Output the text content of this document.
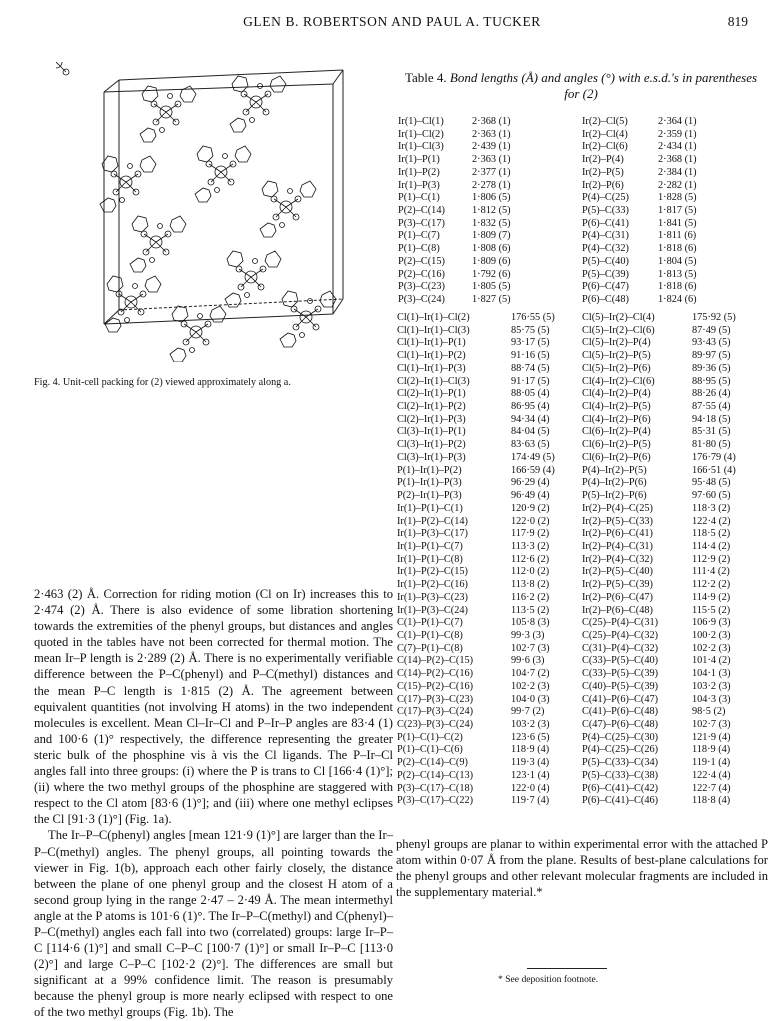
GLEN B. ROBERTSON AND PAUL A. TUCKER	819
Fig. 4. Unit-cell packing for (2) viewed approximately along a.

2·463 (2) Å. Correction for riding motion (Cl on Ir) increases this to 2·474 (2) Å. There is also evidence of some libration shortening towards the extremities of the phenyl groups, but distances and angles quoted in the tables have not been corrected for thermal motion. The mean Ir–P length is 2·289 (2) Å. There is no experimentally verifiable difference between the P–C(phenyl) and P–C(methyl) distances and the mean P–C length is 1·815 (2) Å. The agreement between equivalent quantities (not involving H atoms) in the two independent molecules is excellent. Mean Cl–Ir–Cl and P–Ir–P angles are 83·4 (1) and 100·6 (1)° respectively, the difference representing the greater steric bulk of the phosphine vis à vis the Cl ligands. The P–Ir–Cl angles fall into three groups: (i) where the P is trans to Cl [166·4 (1)°]; (ii) where the two methyl groups of the phosphine are staggered with respect to the Cl atom [83·6 (1)°]; and (iii) where one methyl eclipses the Cl [91·3 (1)°] (Fig. 1a).

The Ir–P–C(phenyl) angles [mean 121·9 (1)°] are larger than the Ir–P–C(methyl) angles. The phenyl groups, all pointing towards the viewer in Fig. 1(b), approach each other fairly closely, the distance between the plane of one phenyl group and the closest H atom of a second group lying in the range 2·47 – 2·49 Å. The mean intermethyl angle at the P atoms is 101·6 (1)°. The Ir–P–C(methyl) and C(phenyl)–P–C(methyl) angles each fall into two (correlated) groups: large Ir–P–C [114·6 (1)°] and small C–P–C [100·7 (1)°] or small Ir–P–C [113·0 (2)°] and large C–P–C [102·2 (2)°]. The differences are small but significant at a 99% confidence limit. The reason is presumably because the phenyl group is more nearly eclipsed with respect to one of the two methyl groups (Fig. 1b). The

Table 4. Bond lengths (Å) and angles (°) with e.s.d.'s in parentheses for (2)
Ir(1)–Cl(1)	2·368 (1)
Ir(1)–Cl(2)	2·363 (1)
Ir(1)–Cl(3)	2·439 (1)
Ir(1)–P(1)	2·363 (1)
Ir(1)–P(2)	2·377 (1)
Ir(1)–P(3)	2·278 (1)
P(1)–C(1)	1·806 (5)
P(2)–C(14)	1·812 (5)
P(3)–C(17)	1·832 (5)
P(1)–C(7)	1·809 (7)
P(1)–C(8)	1·808 (6)
P(2)–C(15)	1·809 (6)
P(2)–C(16)	1·792 (6)
P(3)–C(23)	1·805 (5)
P(3)–C(24)	1·827 (5)
Ir(2)–Cl(5)	2·364 (1)
Ir(2)–Cl(4)	2·359 (1)
Ir(2)–Cl(6)	2·434 (1)
Ir(2)–P(4)	2·368 (1)
Ir(2)–P(5)	2·384 (1)
Ir(2)–P(6)	2·282 (1)
P(4)–C(25)	1·828 (5)
P(5)–C(33)	1·817 (5)
P(6)–C(41)	1·841 (5)
P(4)–C(31)	1·811 (6)
P(4)–C(32)	1·818 (6)
P(5)–C(40)	1·804 (5)
P(5)–C(39)	1·813 (5)
P(6)–C(47)	1·818 (6)
P(6)–C(48)	1·824 (6)
Cl(1)–Ir(1)–Cl(2)	176·55 (5)
Cl(1)–Ir(1)–Cl(3)	85·75 (5)
Cl(1)–Ir(1)–P(1)	93·17 (5)
Cl(1)–Ir(1)–P(2)	91·16 (5)
Cl(1)–Ir(1)–P(3)	88·74 (5)
Cl(2)–Ir(1)–Cl(3)	91·17 (5)
Cl(2)–Ir(1)–P(1)	88·05 (4)
Cl(2)–Ir(1)–P(2)	86·95 (4)
Cl(2)–Ir(1)–P(3)	94·34 (4)
Cl(3)–Ir(1)–P(1)	84·04 (5)
Cl(3)–Ir(1)–P(2)	83·63 (5)
Cl(3)–Ir(1)–P(3)	174·49 (5)
P(1)–Ir(1)–P(2)	166·59 (4)
P(1)–Ir(1)–P(3)	96·29 (4)
P(2)–Ir(1)–P(3)	96·49 (4)
Ir(1)–P(1)–C(1)	120·9 (2)
Ir(1)–P(2)–C(14)	122·0 (2)
Ir(1)–P(3)–C(17)	117·9 (2)
Ir(1)–P(1)–C(7)	113·3 (2)
Ir(1)–P(1)–C(8)	112·6 (2)
Ir(1)–P(2)–C(15)	112·0 (2)
Ir(1)–P(2)–C(16)	113·8 (2)
Ir(1)–P(3)–C(23)	116·2 (2)
Ir(1)–P(3)–C(24)	113·5 (2)
C(1)–P(1)–C(7)	105·8 (3)
C(1)–P(1)–C(8)	99·3 (3)
C(7)–P(1)–C(8)	102·7 (3)
C(14)–P(2)–C(15)	99·6 (3)
C(14)–P(2)–C(16)	104·7 (2)
C(15)–P(2)–C(16)	102·2 (3)
C(17)–P(3)–C(23)	104·0 (3)
C(17)–P(3)–C(24)	99·7 (2)
C(23)–P(3)–C(24)	103·2 (3)
P(1)–C(1)–C(2)	123·6 (5)
P(1)–C(1)–C(6)	118·9 (4)
P(2)–C(14)–C(9)	119·3 (4)
P(2)–C(14)–C(13)	123·1 (4)
P(3)–C(17)–C(18)	122·0 (4)
P(3)–C(17)–C(22)	119·7 (4)
Cl(5)–Ir(2)–Cl(4)	175·92 (5)
Cl(5)–Ir(2)–Cl(6)	87·49 (5)
Cl(5)–Ir(2)–P(4)	93·43 (5)
Cl(5)–Ir(2)–P(5)	89·97 (5)
Cl(5)–Ir(2)–P(6)	89·36 (5)
Cl(4)–Ir(2)–Cl(6)	88·95 (5)
Cl(4)–Ir(2)–P(4)	88·26 (4)
Cl(4)–Ir(2)–P(5)	87·55 (4)
Cl(4)–Ir(2)–P(6)	94·18 (5)
Cl(6)–Ir(2)–P(4)	85·31 (5)
Cl(6)–Ir(2)–P(5)	81·80 (5)
Cl(6)–Ir(2)–P(6)	176·79 (4)
P(4)–Ir(2)–P(5)	166·51 (4)
P(4)–Ir(2)–P(6)	95·48 (5)
P(5)–Ir(2)–P(6)	97·60 (5)
Ir(2)–P(4)–C(25)	118·3 (2)
Ir(2)–P(5)–C(33)	122·4 (2)
Ir(2)–P(6)–C(41)	118·5 (2)
Ir(2)–P(4)–C(31)	114·4 (2)
Ir(2)–P(4)–C(32)	112·9 (2)
Ir(2)–P(5)–C(40)	111·4 (2)
Ir(2)–P(5)–C(39)	112·2 (2)
Ir(2)–P(6)–C(47)	114·9 (2)
Ir(2)–P(6)–C(48)	115·5 (2)
C(25)–P(4)–C(31)	106·9 (3)
C(25)–P(4)–C(32)	100·2 (3)
C(31)–P(4)–C(32)	102·2 (3)
C(33)–P(5)–C(40)	101·4 (2)
C(33)–P(5)–C(39)	104·1 (3)
C(40)–P(5)–C(39)	103·2 (3)
C(41)–P(6)–C(47)	104·3 (3)
C(41)–P(6)–C(48)	98·5 (2)
C(47)–P(6)–C(48)	102·7 (3)
P(4)–C(25)–C(30)	121·9 (4)
P(4)–C(25)–C(26)	118·9 (4)
P(5)–C(33)–C(34)	119·1 (4)
P(5)–C(33)–C(38)	122·4 (4)
P(6)–C(41)–C(42)	122·7 (4)
P(6)–C(41)–C(46)	118·8 (4)
phenyl groups are planar to within experimental error with the attached P atom within 0·07 Å from the plane. Results of best-plane calculations for the phenyl groups and other relevant molecular fragments are included in the supplementary material.*
* See deposition footnote.
